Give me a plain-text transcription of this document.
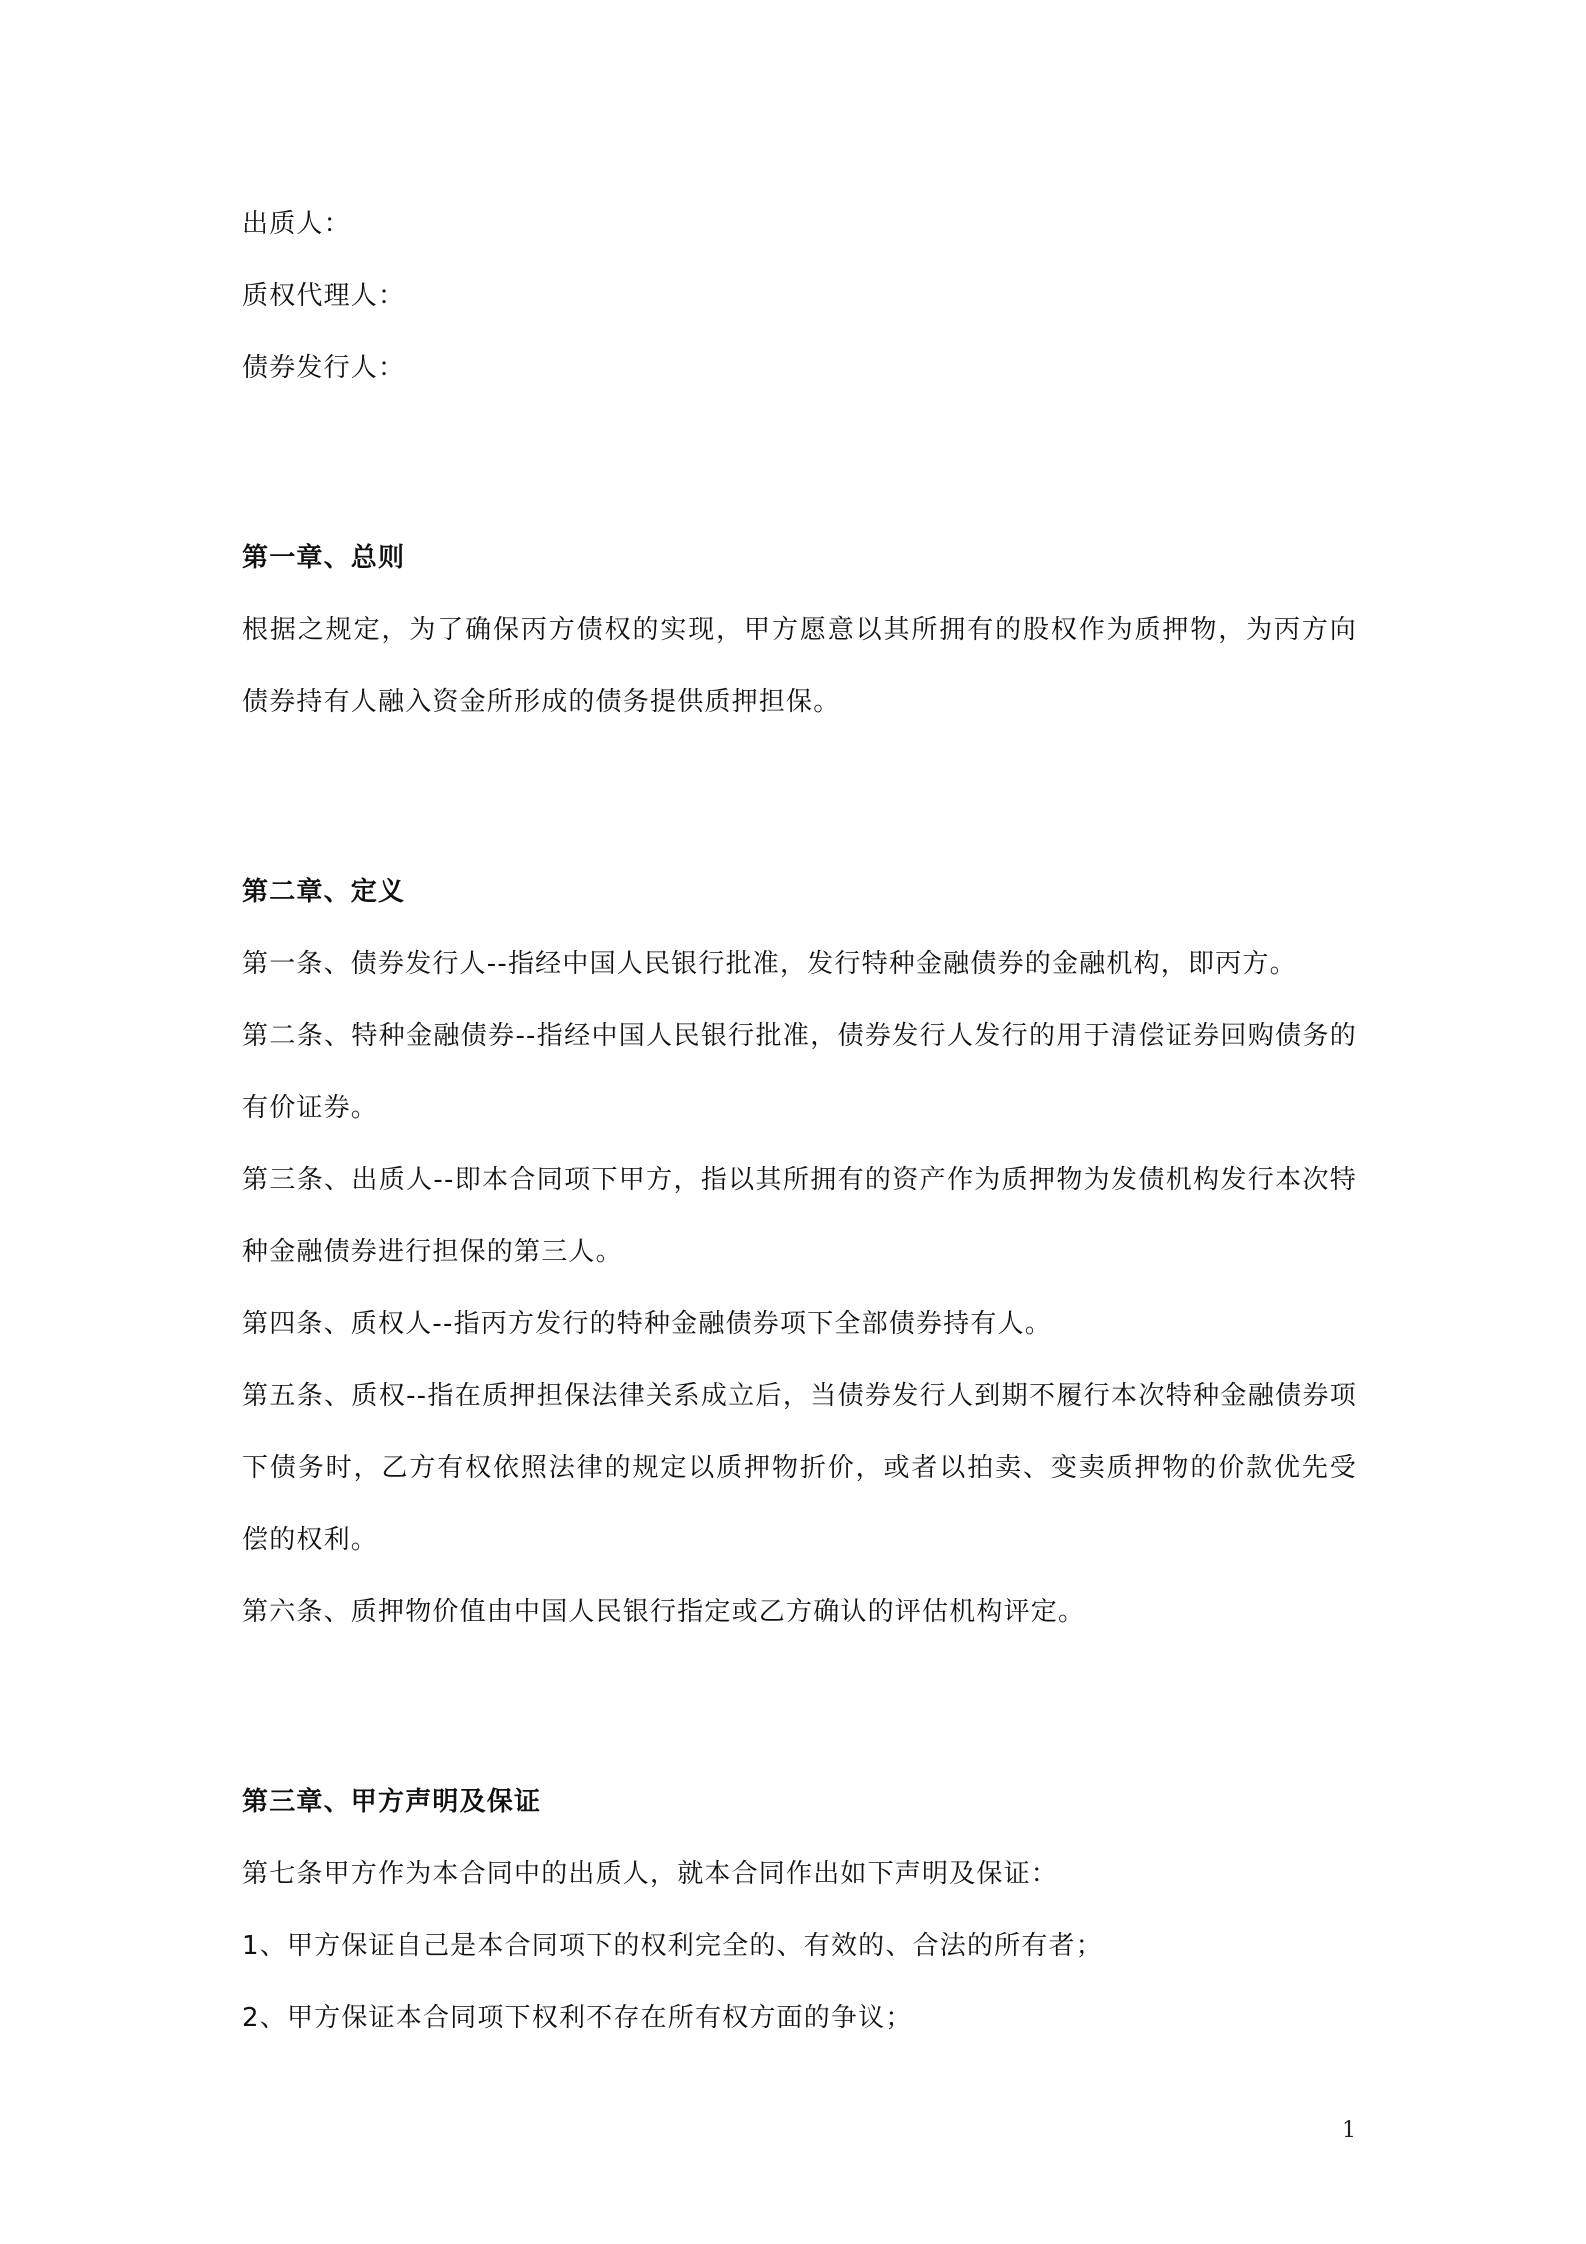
出质人：

质权代理人：

债券发行人：

第一章、总则

根据之规定，为了确保丙方债权的实现，甲方愿意以其所拥有的股权作为质押物，为丙方向债券持有人融入资金所形成的债务提供质押担保。

第二章、定义

第一条、债券发行人--指经中国人民银行批准，发行特种金融债券的金融机构，即丙方。

第二条、特种金融债券--指经中国人民银行批准，债券发行人发行的用于清偿证券回购债务的有价证券。

第三条、出质人--即本合同项下甲方，指以其所拥有的资产作为质押物为发债机构发行本次特种金融债券进行担保的第三人。

第四条、质权人--指丙方发行的特种金融债券项下全部债券持有人。

第五条、质权--指在质押担保法律关系成立后，当债券发行人到期不履行本次特种金融债券项下债务时，乙方有权依照法律的规定以质押物折价，或者以拍卖、变卖质押物的价款优先受偿的权利。

第六条、质押物价值由中国人民银行指定或乙方确认的评估机构评定。

第三章、甲方声明及保证

第七条甲方作为本合同中的出质人，就本合同作出如下声明及保证：

1、甲方保证自己是本合同项下的权利完全的、有效的、合法的所有者；

2、甲方保证本合同项下权利不存在所有权方面的争议；

1
